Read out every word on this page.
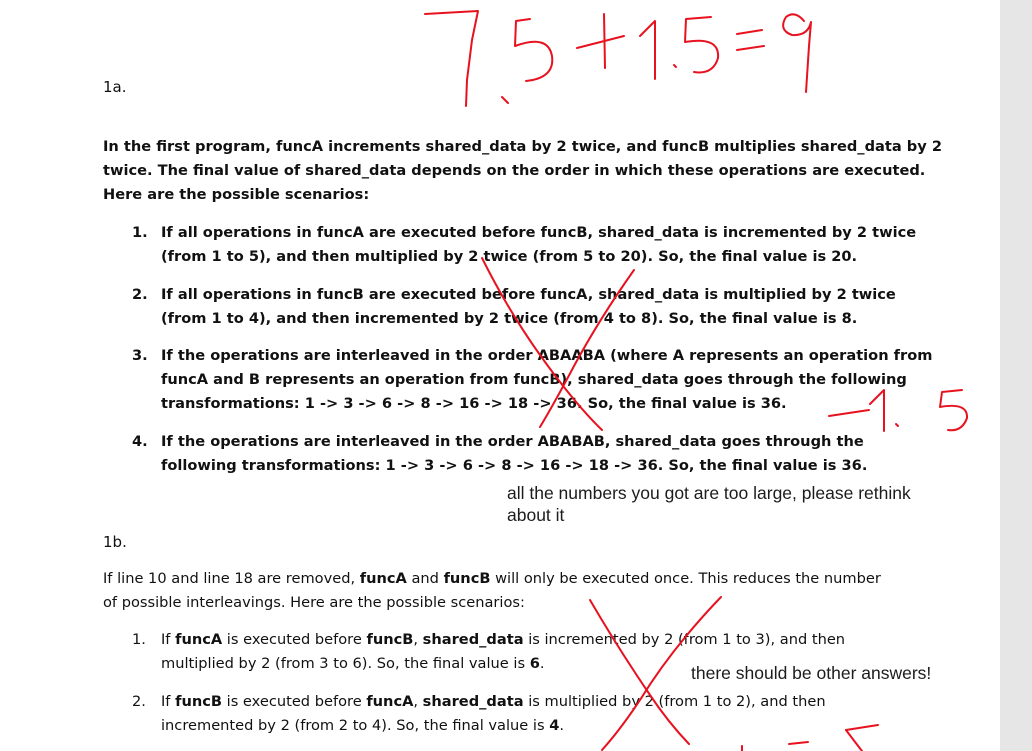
1a.

In the first program, funcA increments shared_data by 2 twice, and funcB multiplies shared_data by 2

twice. The final value of shared_data depends on the order in which these operations are executed.

Here are the possible scenarios:

1. If all operations in funcA are executed before funcB, shared_data is incremented by 2 twice
(from 1 to 5), and then multiplied by 2 twice (from 5 to 20). So, the final value is 20.
2. If all operations in funcB are executed before funcA, shared_data is multiplied by 2 twice
(from 1 to 4), and then incremented by 2 twice (from 4 to 8). So, the final value is 8.
3. If the operations are interleaved in the order ABAABA (where A represents an operation from
funcA and B represents an operation from funcB), shared_data goes through the following
transformations: 1 -> 3 -> 6 -> 8 -> 16 -> 18 -> 36. So, the final value is 36.
4. If the operations are interleaved in the order ABABAB, shared_data goes through the
following transformations: 1 -> 3 -> 6 -> 8 -> 16 -> 18 -> 36. So, the final value is 36.
all the numbers you got are too large, please rethink
about it

1b.

If line 10 and line 18 are removed, funcA and funcB will only be executed once. This reduces the number

of possible interleavings. Here are the possible scenarios:

1. If funcA is executed before funcB, shared_data is incremented by 2 (from 1 to 3), and then
multiplied by 2 (from 3 to 6). So, the final value is 6.
2. If funcB is executed before funcA, shared_data is multiplied by 2 (from 1 to 2), and then
incremented by 2 (from 2 to 4). So, the final value is 4.
there should be other answers!
